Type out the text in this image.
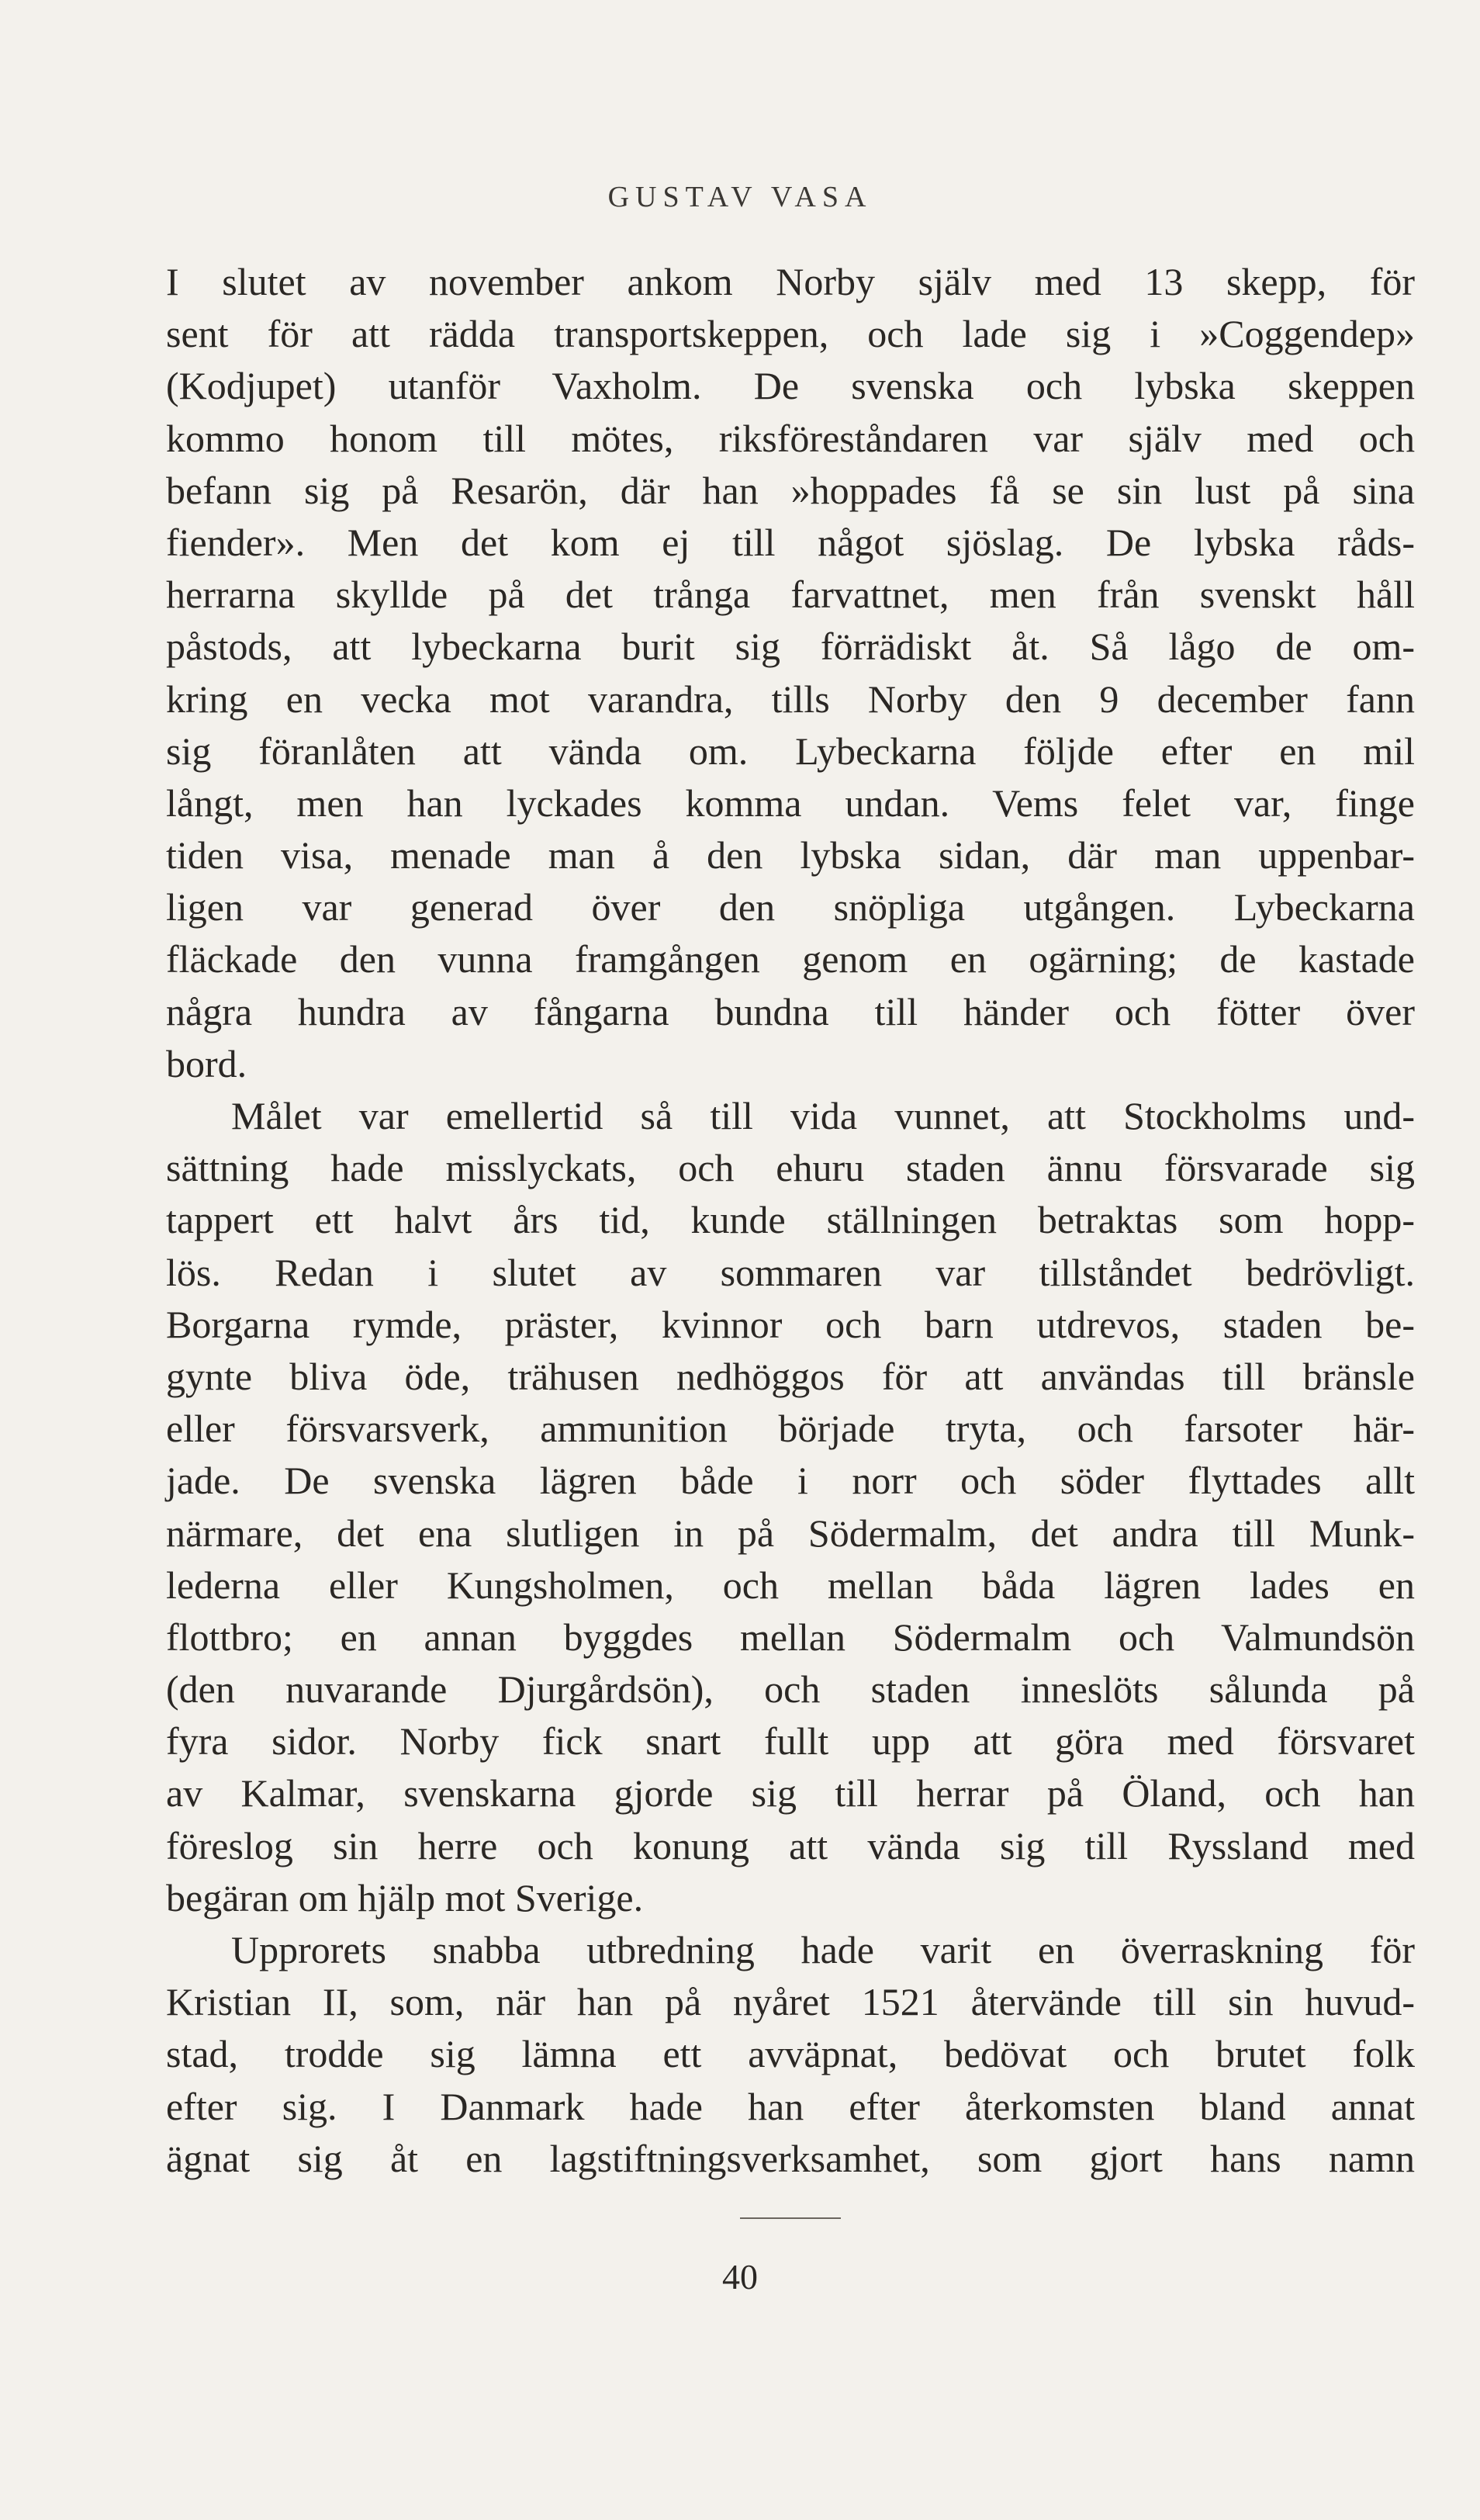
GUSTAV VASA
I slutet av november ankom Norby själv med 13 skepp, för
sent för att rädda transportskeppen, och lade sig i »Coggendep»
(Kodjupet) utanför Vaxholm. De svenska och lybska skeppen
kommo honom till mötes, riksföreståndaren var själv med och
befann sig på Resarön, där han »hoppades få se sin lust på sina
fiender». Men det kom ej till något sjöslag. De lybska råds-
herrarna skyllde på det trånga farvattnet, men från svenskt håll
påstods, att lybeckarna burit sig förrädiskt åt. Så lågo de om-
kring en vecka mot varandra, tills Norby den 9 december fann
sig föranlåten att vända om. Lybeckarna följde efter en mil
långt, men han lyckades komma undan. Vems felet var, finge
tiden visa, menade man å den lybska sidan, där man uppenbar-
ligen var generad över den snöpliga utgången. Lybeckarna
fläckade den vunna framgången genom en ogärning; de kastade
några hundra av fångarna bundna till händer och fötter över
bord.
Målet var emellertid så till vida vunnet, att Stockholms und-
sättning hade misslyckats, och ehuru staden ännu försvarade sig
tappert ett halvt års tid, kunde ställningen betraktas som hopp-
lös. Redan i slutet av sommaren var tillståndet bedrövligt.
Borgarna rymde, präster, kvinnor och barn utdrevos, staden be-
gynte bliva öde, trähusen nedhöggos för att användas till bränsle
eller försvarsverk, ammunition började tryta, och farsoter här-
jade. De svenska lägren både i norr och söder flyttades allt
närmare, det ena slutligen in på Södermalm, det andra till Munk-
lederna eller Kungsholmen, och mellan båda lägren lades en
flottbro; en annan byggdes mellan Södermalm och Valmundsön
(den nuvarande Djurgårdsön), och staden inneslöts sålunda på
fyra sidor. Norby fick snart fullt upp att göra med försvaret
av Kalmar, svenskarna gjorde sig till herrar på Öland, och han
föreslog sin herre och konung att vända sig till Ryssland med
begäran om hjälp mot Sverige.
Upprorets snabba utbredning hade varit en överraskning för
Kristian II, som, när han på nyåret 1521 återvände till sin huvud-
stad, trodde sig lämna ett avväpnat, bedövat och brutet folk
efter sig. I Danmark hade han efter återkomsten bland annat
ägnat sig åt en lagstiftningsverksamhet, som gjort hans namn
40
